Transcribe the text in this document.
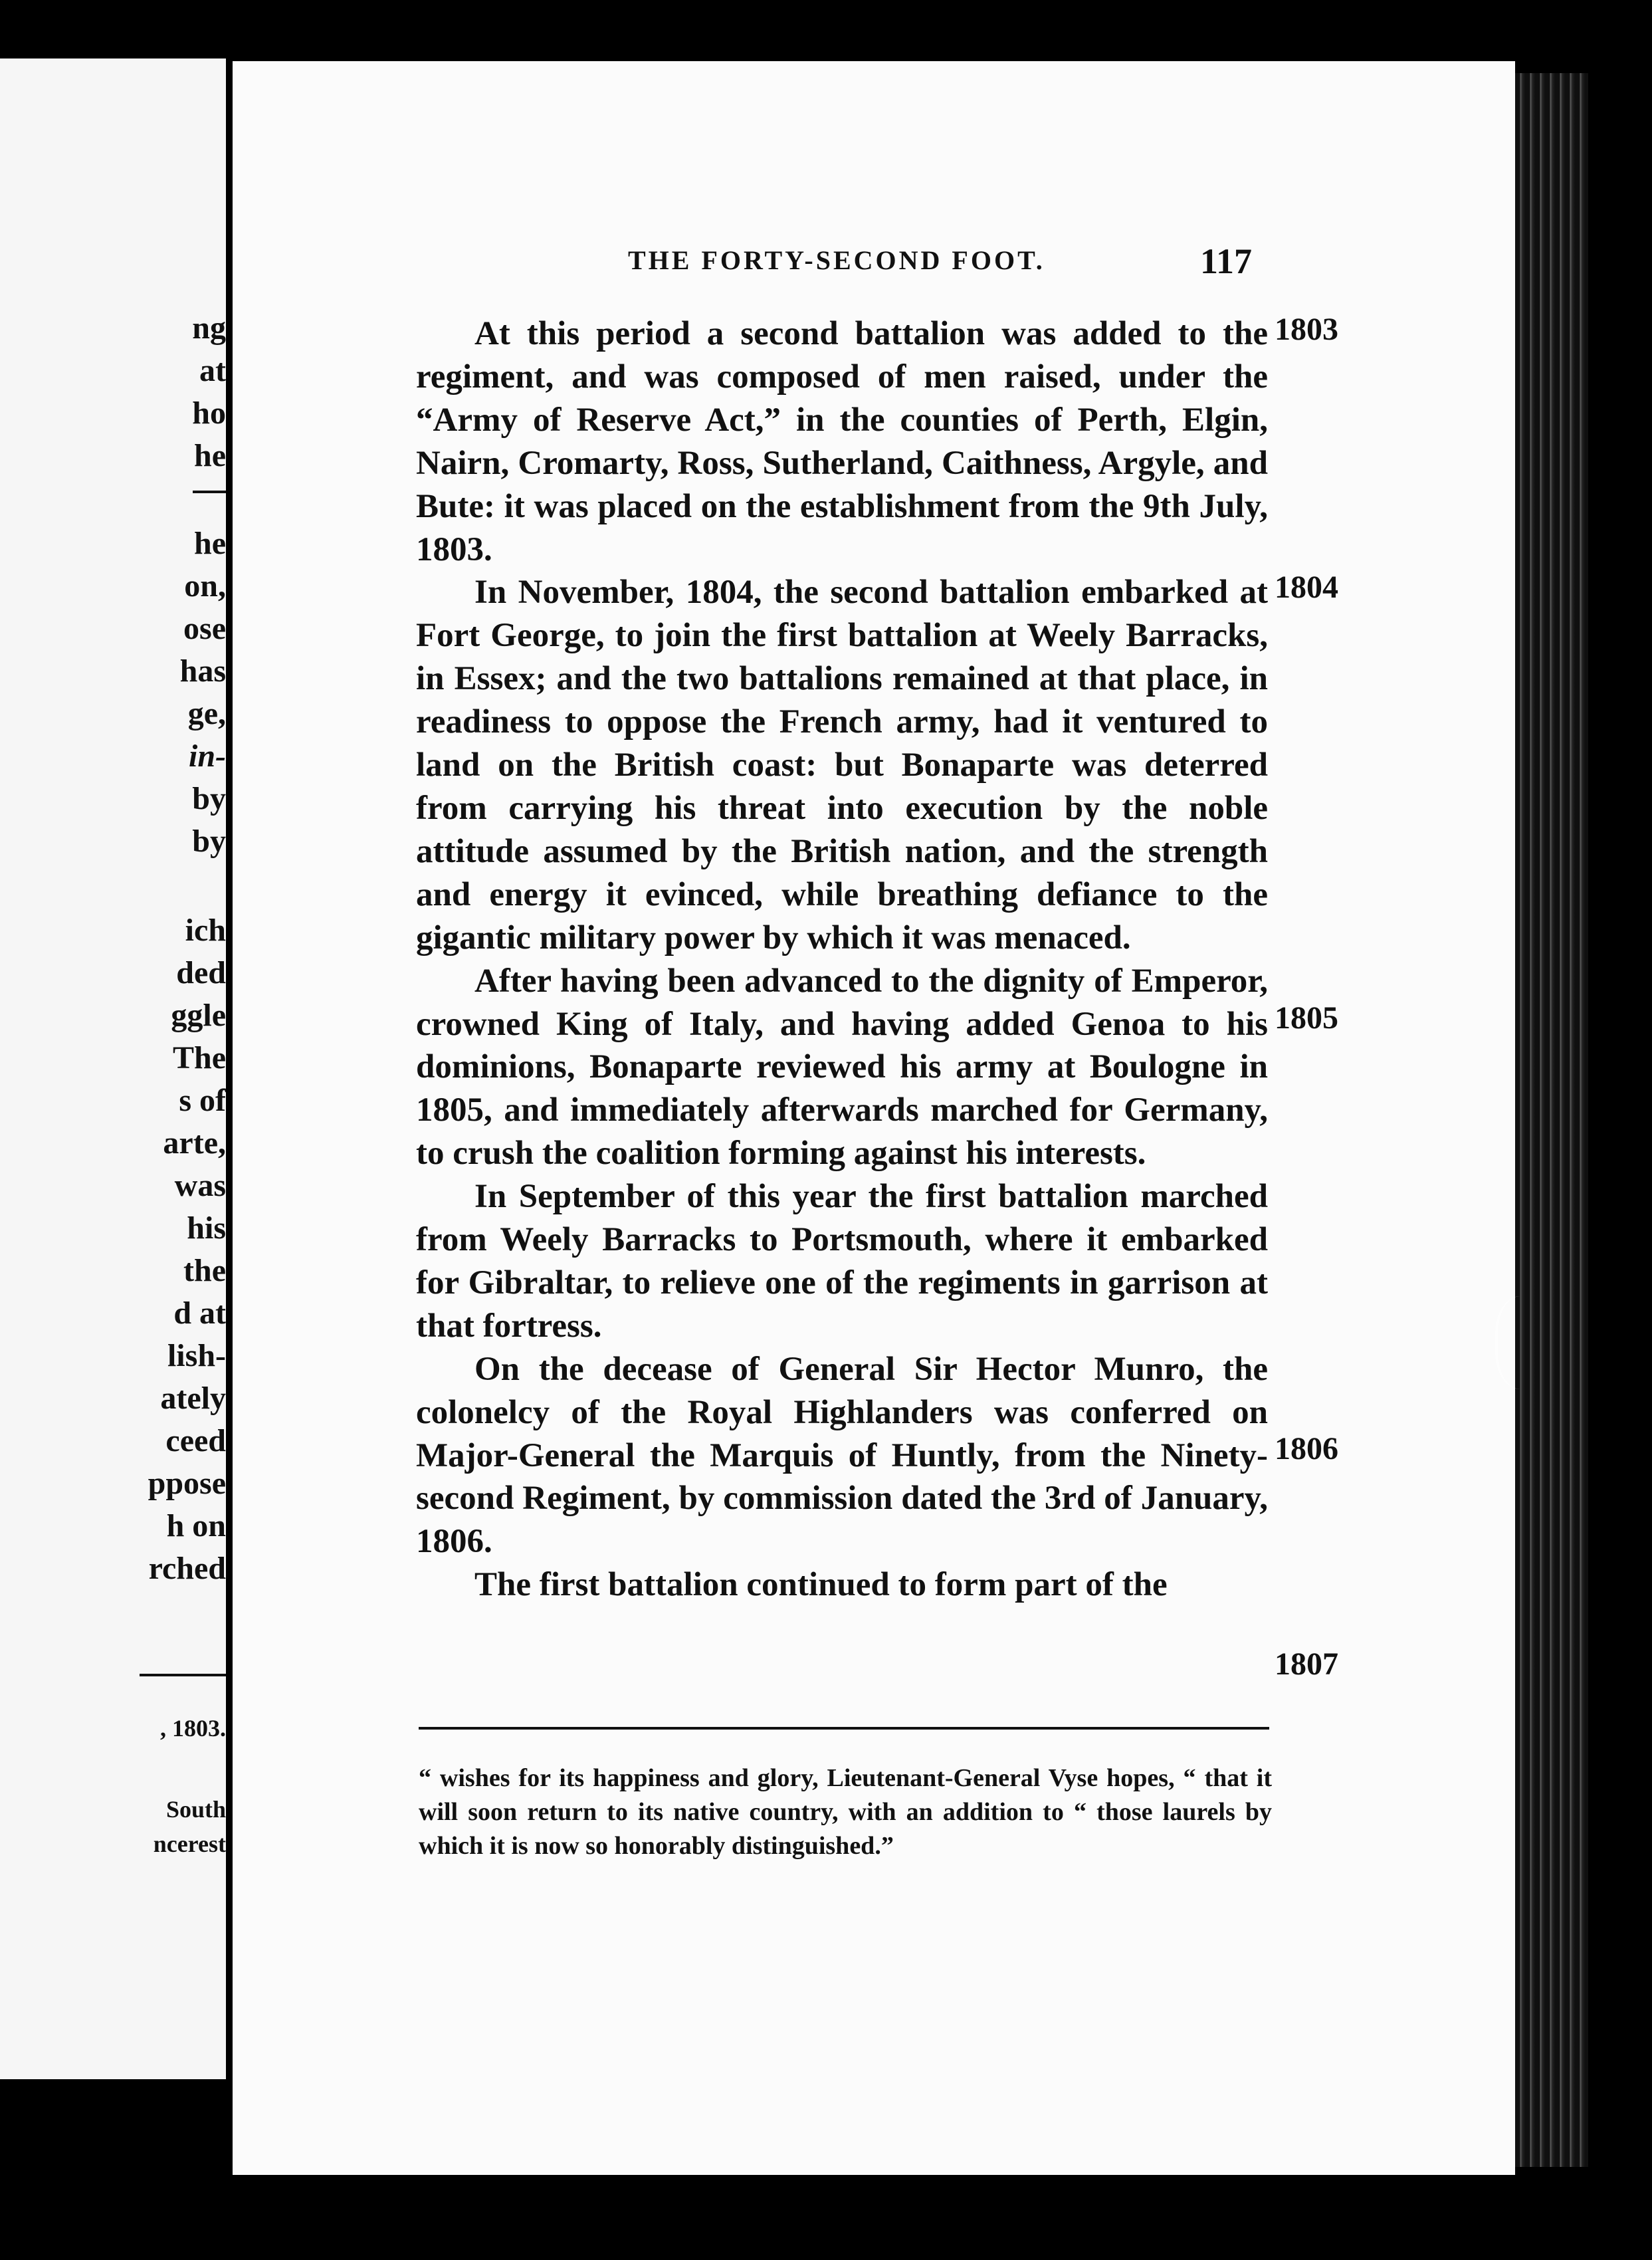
ng

at

ho

he

he

on,

ose

has

ge,

in-

by

by

ich

ded

ggle

The

s of

arte,

was

his

the

d at

lish-

ately

ceed

ppose

h on

rched

, 1803.

South

ncerest

THE FORTY-SECOND FOOT.	117

At this period a second battalion was added to the regiment, and was composed of men raised, under the “Army of Reserve Act,” in the counties of Perth, Elgin, Nairn, Cromarty, Ross, Sutherland, Caithness, Argyle, and Bute: it was placed on the establishment from the 9th July, 1803.

In November, 1804, the second battalion embarked at Fort George, to join the first battalion at Weely Barracks, in Essex; and the two battalions remained at that place, in readiness to oppose the French army, had it ventured to land on the British coast: but Bonaparte was deterred from carrying his threat into execution by the noble attitude assumed by the British nation, and the strength and energy it evinced, while breathing defiance to the gigantic military power by which it was menaced.

After having been advanced to the dignity of Emperor, crowned King of Italy, and having added Genoa to his dominions, Bonaparte reviewed his army at Boulogne in 1805, and immediately afterwards marched for Germany, to crush the coalition forming against his interests.

In September of this year the first battalion marched from Weely Barracks to Portsmouth, where it embarked for Gibraltar, to relieve one of the regiments in garrison at that fortress.

On the decease of General Sir Hector Munro, the colonelcy of the Royal Highlanders was conferred on Major-General the Marquis of Huntly, from the Ninety-second Regiment, by commission dated the 3rd of January, 1806.

The first battalion continued to form part of the

1803

1804

1805

1806

1807

“ wishes for its happiness and glory, Lieutenant-General Vyse hopes, “ that it will soon return to its native country, with an addition to “ those laurels by which it is now so honorably distinguished.”
